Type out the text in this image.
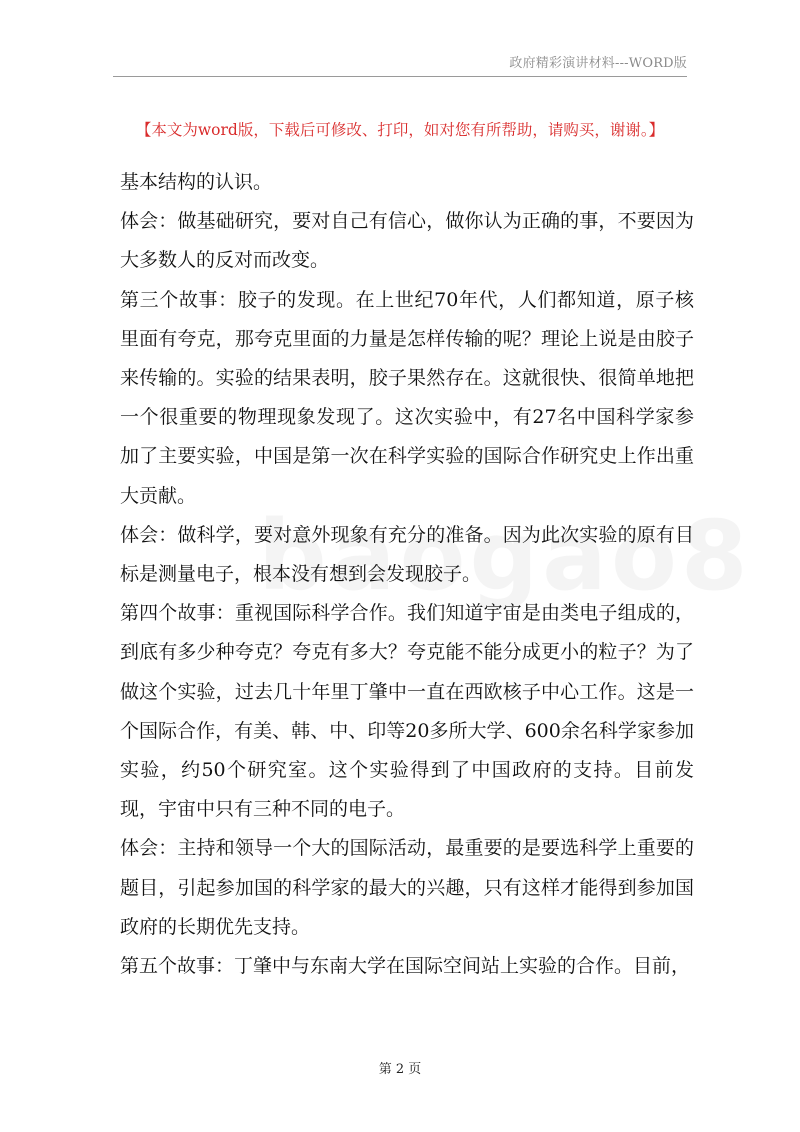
政府精彩演讲材料---WORD版
【本文为word版，下载后可修改、打印，如对您有所帮助，请购买，谢谢。】

基本结构的认识。

体会：做基础研究，要对自己有信心，做你认为正确的事，不要因为大多数人的反对而改变。

第三个故事：胶子的发现。在上世纪70年代，人们都知道，原子核里面有夸克，那夸克里面的力量是怎样传输的呢？理论上说是由胶子来传输的。实验的结果表明，胶子果然存在。这就很快、很简单地把一个很重要的物理现象发现了。这次实验中，有27名中国科学家参加了主要实验，中国是第一次在科学实验的国际合作研究史上作出重大贡献。

体会：做科学，要对意外现象有充分的准备。因为此次实验的原有目标是测量电子，根本没有想到会发现胶子。

第四个故事：重视国际科学合作。我们知道宇宙是由类电子组成的，到底有多少种夸克？夸克有多大？夸克能不能分成更小的粒子？为了做这个实验，过去几十年里丁肇中一直在西欧核子中心工作。这是一个国际合作，有美、韩、中、印等20多所大学、600余名科学家参加实验，约50个研究室。这个实验得到了中国政府的支持。目前发现，宇宙中只有三种不同的电子。

体会：主持和领导一个大的国际活动，最重要的是要选科学上重要的题目，引起参加国的科学家的最大的兴趣，只有这样才能得到参加国政府的长期优先支持。

第五个故事：丁肇中与东南大学在国际空间站上实验的合作。目前，

第 2 页
